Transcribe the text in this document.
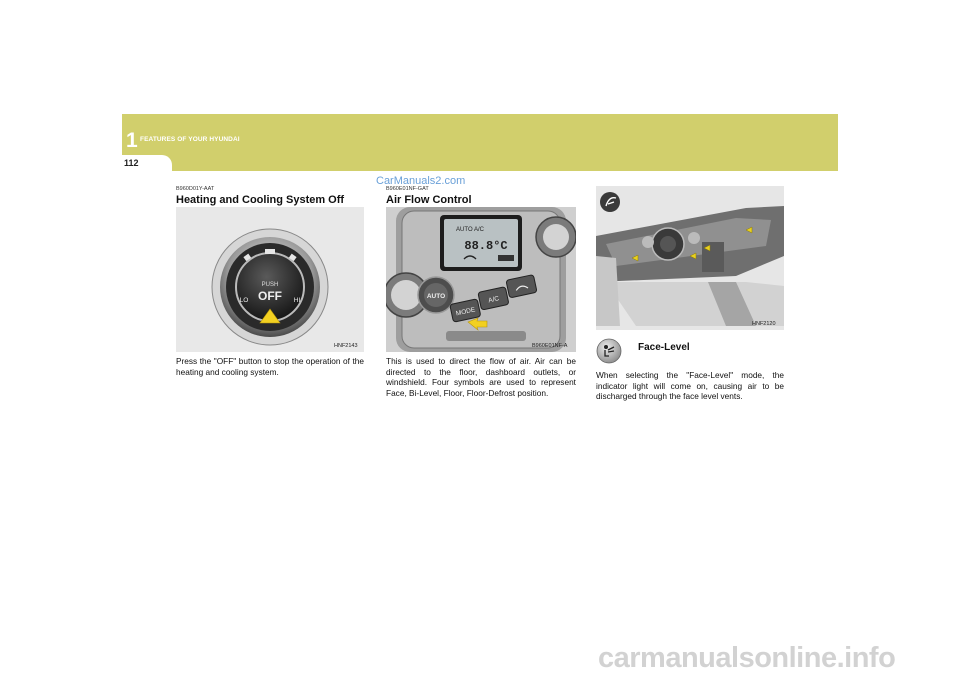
1 FEATURES OF YOUR HYUNDAI
112
B960D01Y-AAT
Heating and Cooling System Off
PUSH
OFF
LO	HI
HNF2143
Press the "OFF" button to stop the operation of the heating and cooling system.
CarManuals2.com
B960E01NF-GAT
Air Flow Control
AUTO A/C
88.8°C
AUTO
MODE
A/C
B960E01NF-A
This is used to direct the flow of air. Air can be directed to the floor, dashboard outlets, or windshield. Four symbols are used to represent Face, Bi-Level, Floor, Floor-Defrost position.
HNF2120
Face-Level
When selecting the "Face-Level" mode, the indicator light will come on, causing air to be discharged through the face level vents.
carmanualsonline.info
